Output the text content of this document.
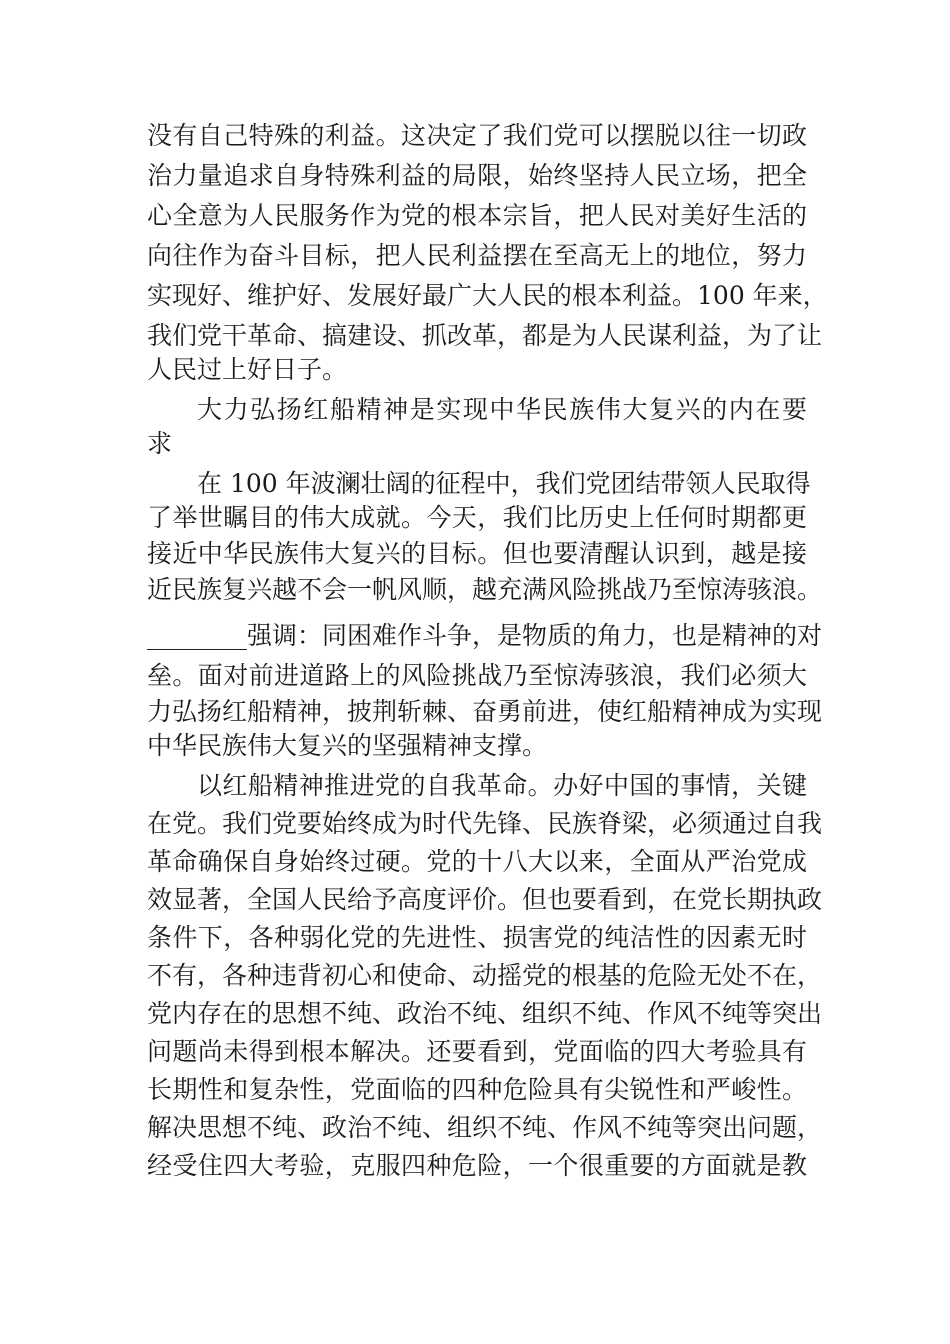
没有自己特殊的利益。这决定了我们党可以摆脱以往一切政
治力量追求自身特殊利益的局限，始终坚持人民立场，把全
心全意为人民服务作为党的根本宗旨，把人民对美好生活的
向往作为奋斗目标，把人民利益摆在至高无上的地位，努力
实现好、维护好、发展好最广大人民的根本利益。100 年来，
我们党干革命、搞建设、抓改革，都是为人民谋利益，为了让
人民过上好日子。
大力弘扬红船精神是实现中华民族伟大复兴的内在要
求
在 100 年波澜壮阔的征程中，我们党团结带领人民取得
了举世瞩目的伟大成就。今天，我们比历史上任何时期都更
接近中华民族伟大复兴的目标。但也要清醒认识到，越是接
近民族复兴越不会一帆风顺，越充满风险挑战乃至惊涛骇浪。
________强调：同困难作斗争，是物质的角力，也是精神的对
垒。面对前进道路上的风险挑战乃至惊涛骇浪，我们必须大
力弘扬红船精神，披荆斩棘、奋勇前进，使红船精神成为实现
中华民族伟大复兴的坚强精神支撑。
以红船精神推进党的自我革命。办好中国的事情，关键
在党。我们党要始终成为时代先锋、民族脊梁，必须通过自我
革命确保自身始终过硬。党的十八大以来，全面从严治党成
效显著，全国人民给予高度评价。但也要看到，在党长期执政
条件下，各种弱化党的先进性、损害党的纯洁性的因素无时
不有，各种违背初心和使命、动摇党的根基的危险无处不在，
党内存在的思想不纯、政治不纯、组织不纯、作风不纯等突出
问题尚未得到根本解决。还要看到，党面临的四大考验具有
长期性和复杂性，党面临的四种危险具有尖锐性和严峻性。
解决思想不纯、政治不纯、组织不纯、作风不纯等突出问题，
经受住四大考验，克服四种危险，一个很重要的方面就是教
